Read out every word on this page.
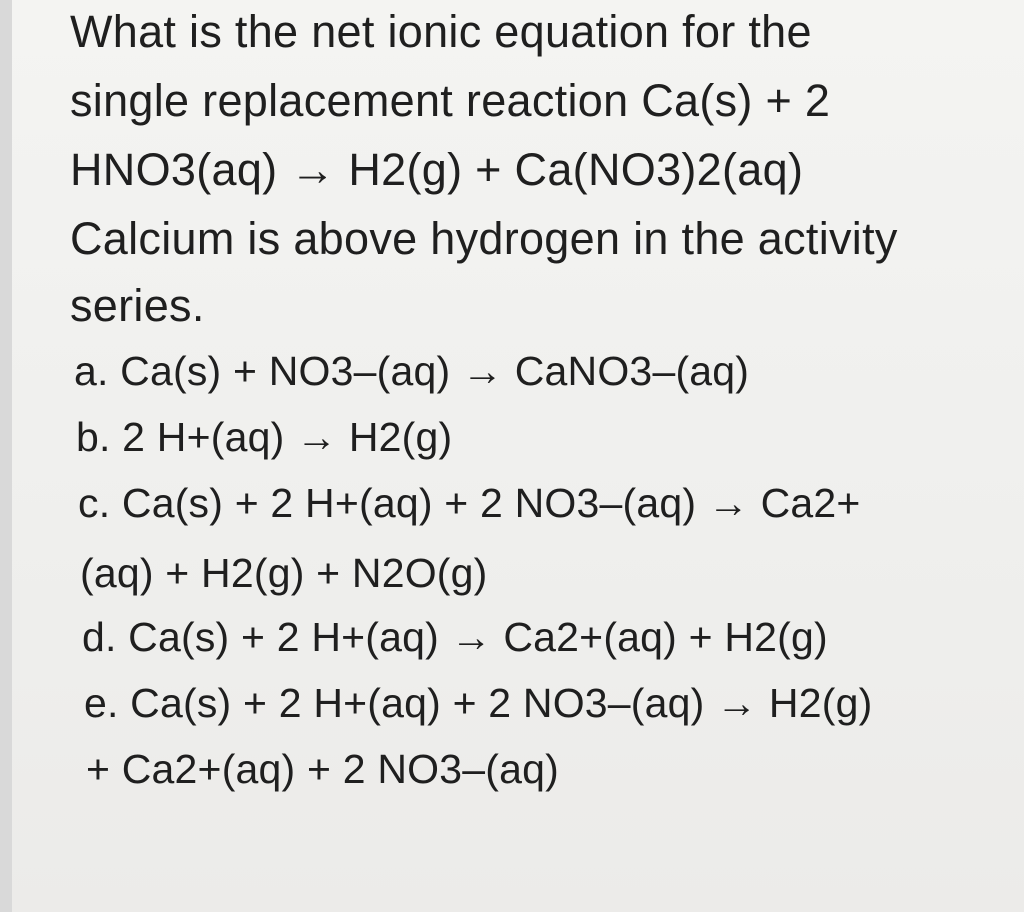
What is the net ionic equation for the
single replacement reaction Ca(s) + 2
HNO3(aq) → H2(g) + Ca(NO3)2(aq)
Calcium is above hydrogen in the activity
series.
a. Ca(s) + NO3–(aq) → CaNO3–(aq)
b. 2 H+(aq) → H2(g)
c. Ca(s) + 2 H+(aq) + 2 NO3–(aq) → Ca2+
(aq) + H2(g) + N2O(g)
d. Ca(s) + 2 H+(aq) → Ca2+(aq) + H2(g)
e. Ca(s) + 2 H+(aq) + 2 NO3–(aq) → H2(g)
+ Ca2+(aq) + 2 NO3–(aq)
